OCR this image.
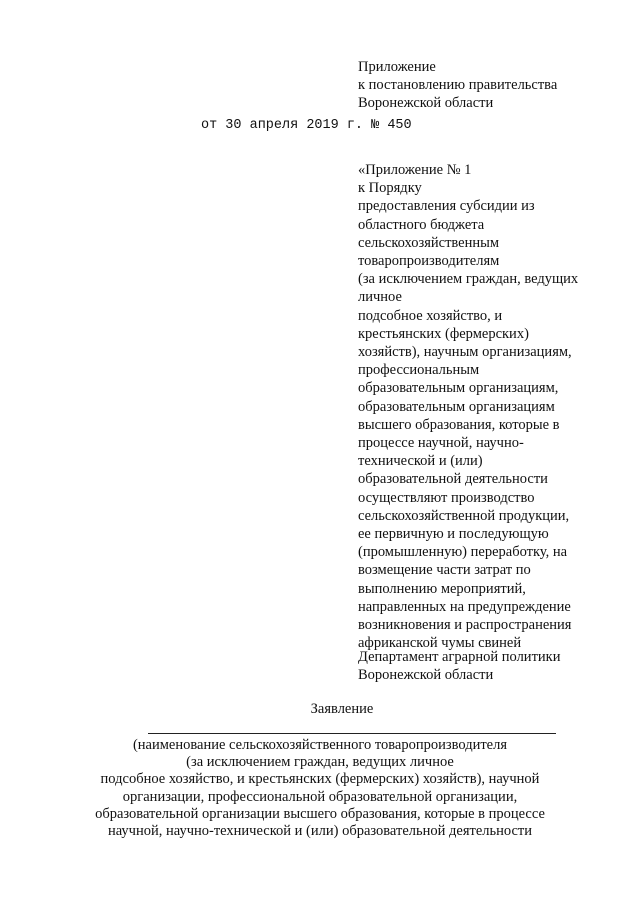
Приложение
к постановлению правительства
Воронежской области
от 30 апреля 2019 г. № 450
«Приложение № 1
к Порядку
предоставления субсидии из
областного бюджета
сельскохозяйственным
товаропроизводителям
(за исключением граждан, ведущих
личное
подсобное хозяйство, и
крестьянских (фермерских)
хозяйств), научным организациям,
профессиональным
образовательным организациям,
образовательным организациям
высшего образования, которые в
процессе научной, научно-
технической и (или)
образовательной деятельности
осуществляют производство
сельскохозяйственной продукции,
ее первичную и последующую
(промышленную) переработку, на
возмещение части затрат по
выполнению мероприятий,
направленных на предупреждение
возникновения и распространения
африканской чумы свиней
Департамент аграрной политики
Воронежской области
Заявление
(наименование сельскохозяйственного товаропроизводителя
(за исключением граждан, ведущих личное
подсобное хозяйство, и крестьянских (фермерских) хозяйств), научной
организации, профессиональной образовательной организации,
образовательной организации высшего образования, которые в процессе
научной, научно-технической и (или) образовательной деятельности
